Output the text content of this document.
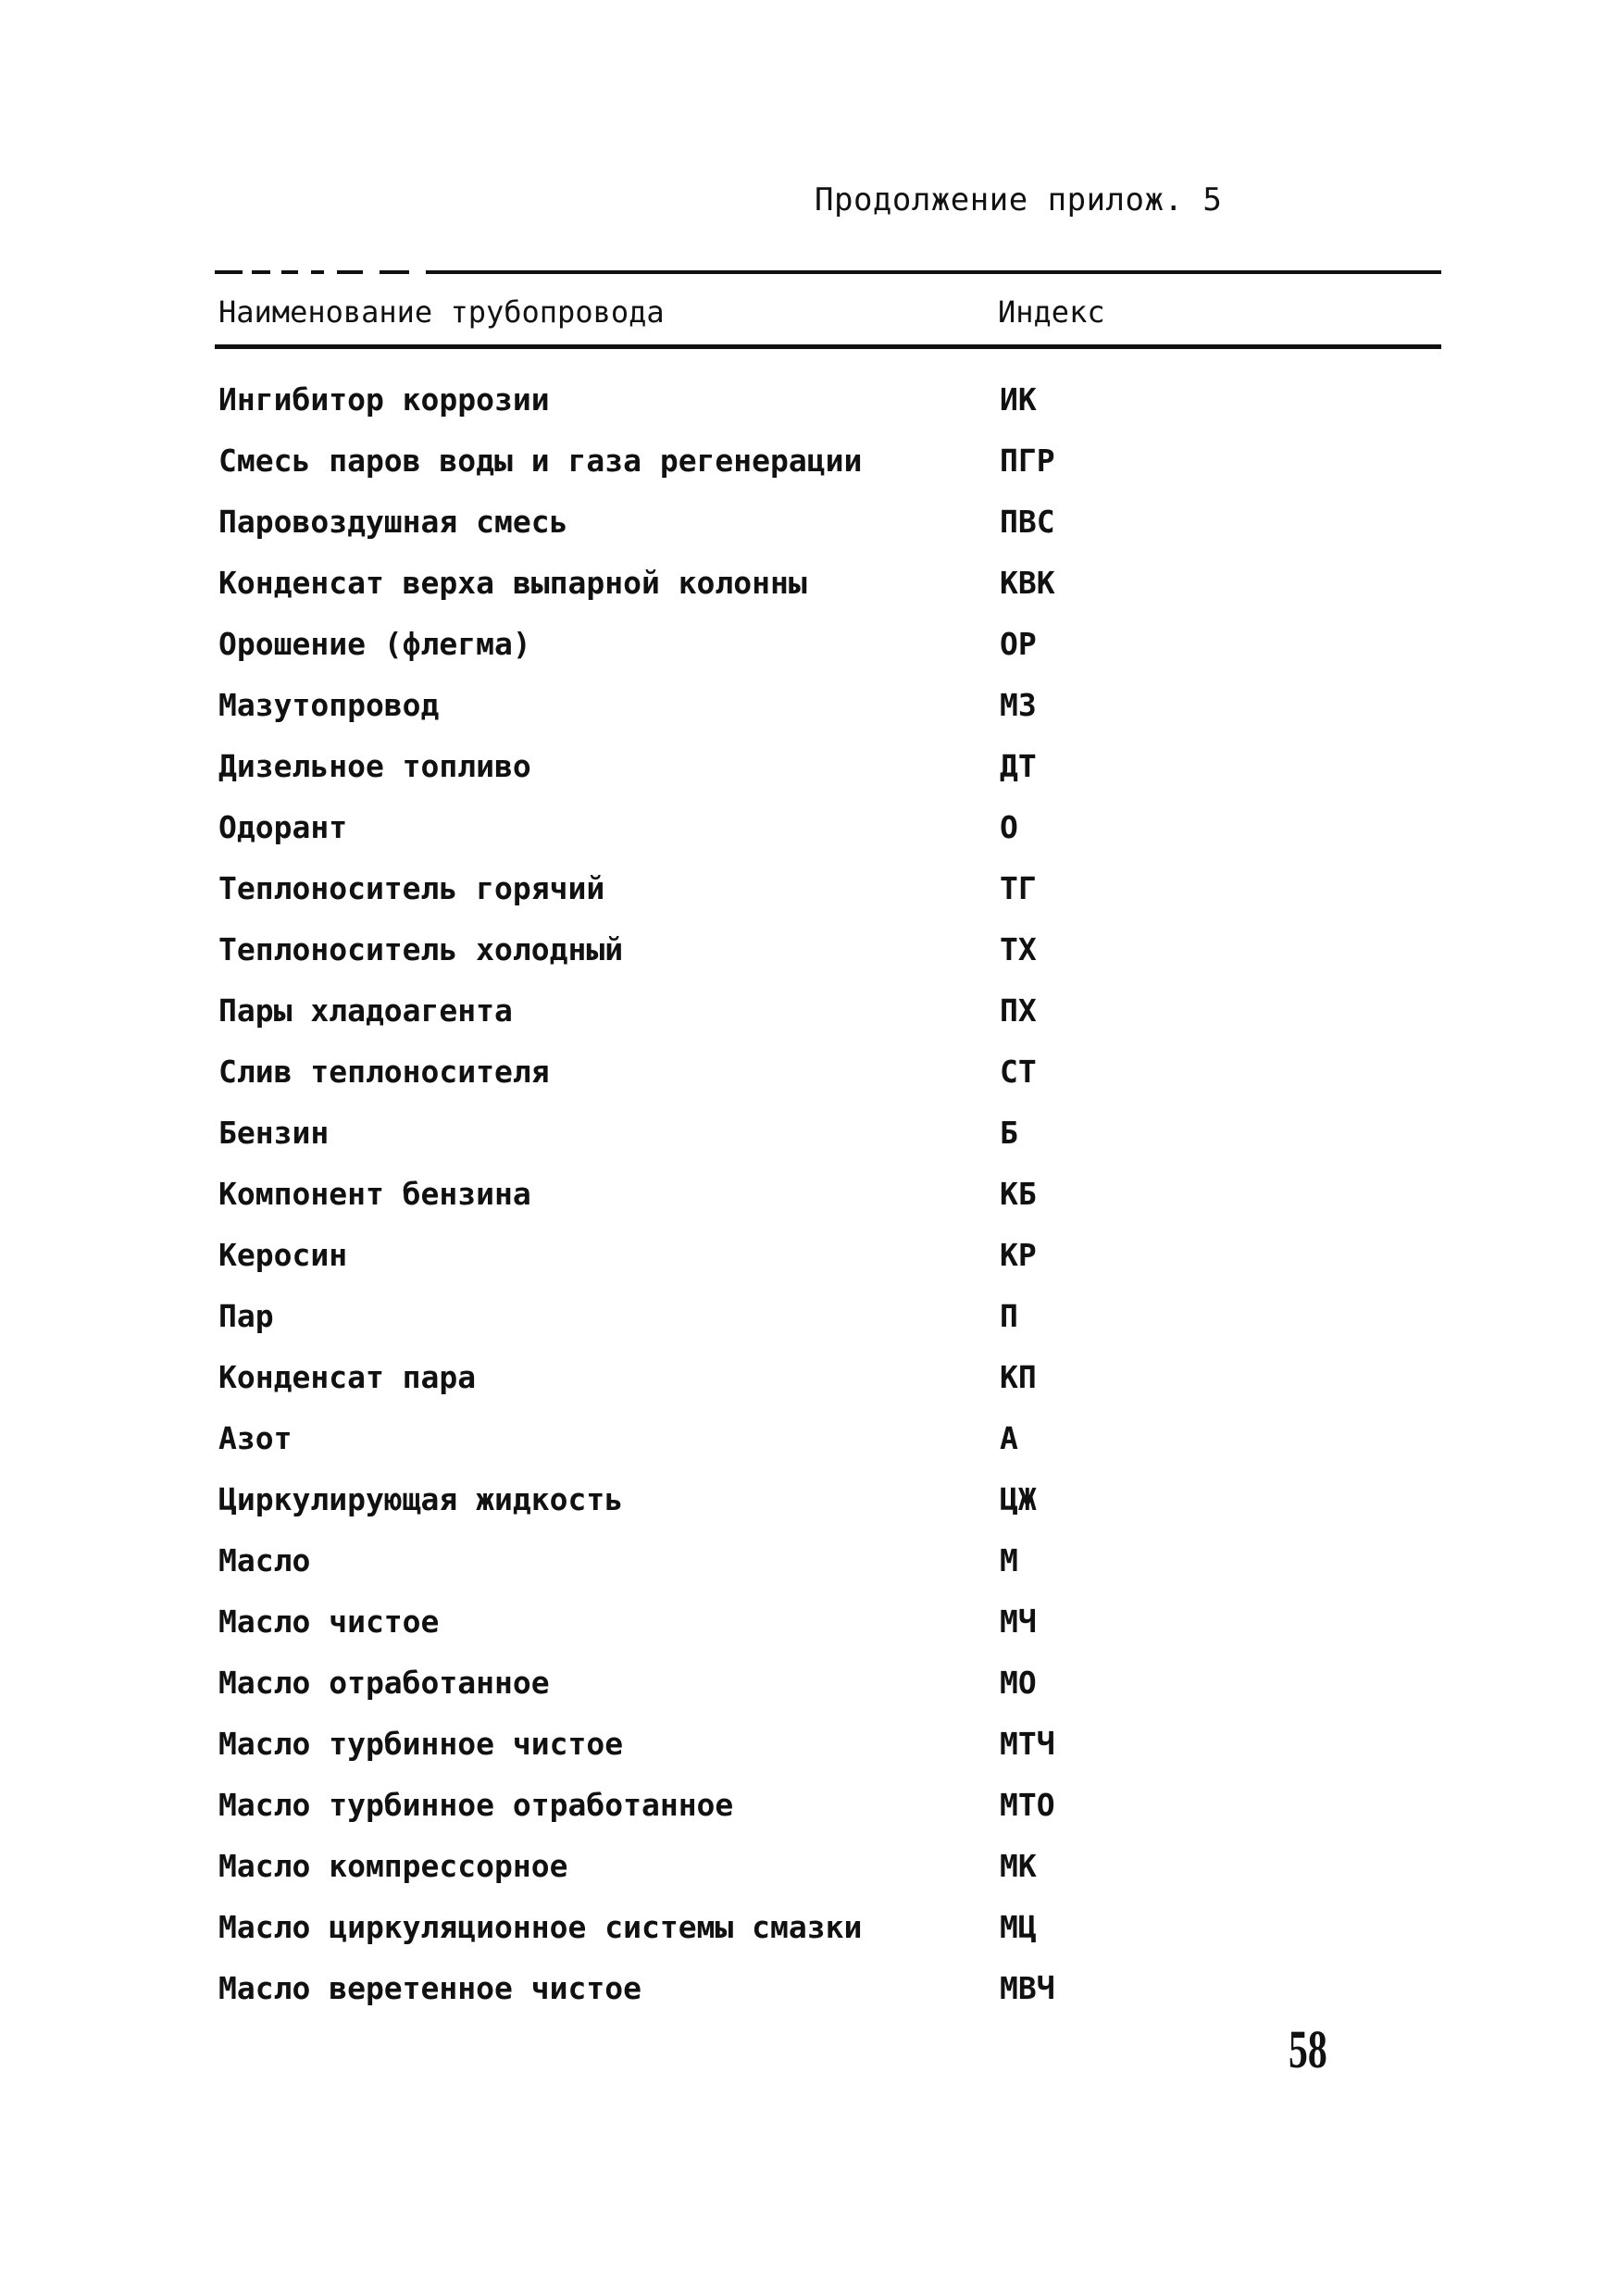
Продолжение прилож. 5
Наименование трубопровода	Индекс
Ингибитор коррозии	ИК
Смесь паров воды и газа регенерации	ПГР
Паровоздушная смесь	ПВС
Конденсат верха выпарной колонны	КВК
Орошение (флегма)	ОР
Мазутопровод	МЗ
Дизельное топливо	ДТ
Одорант	О
Теплоноситель горячий	ТГ
Теплоноситель холодный	ТХ
Пары хладоагента	ПХ
Слив теплоносителя	СТ
Бензин	Б
Компонент бензина	КБ
Керосин	КР
Пар	П
Конденсат пара	КП
Азот	А
Циркулирующая жидкость	ЦЖ
Масло	М
Масло чистое	МЧ
Масло отработанное	МО
Масло турбинное чистое	МТЧ
Масло турбинное отработанное	МТО
Масло компрессорное	МК
Масло циркуляционное системы смазки	МЦ
Масло веретенное чистое	МВЧ
58
